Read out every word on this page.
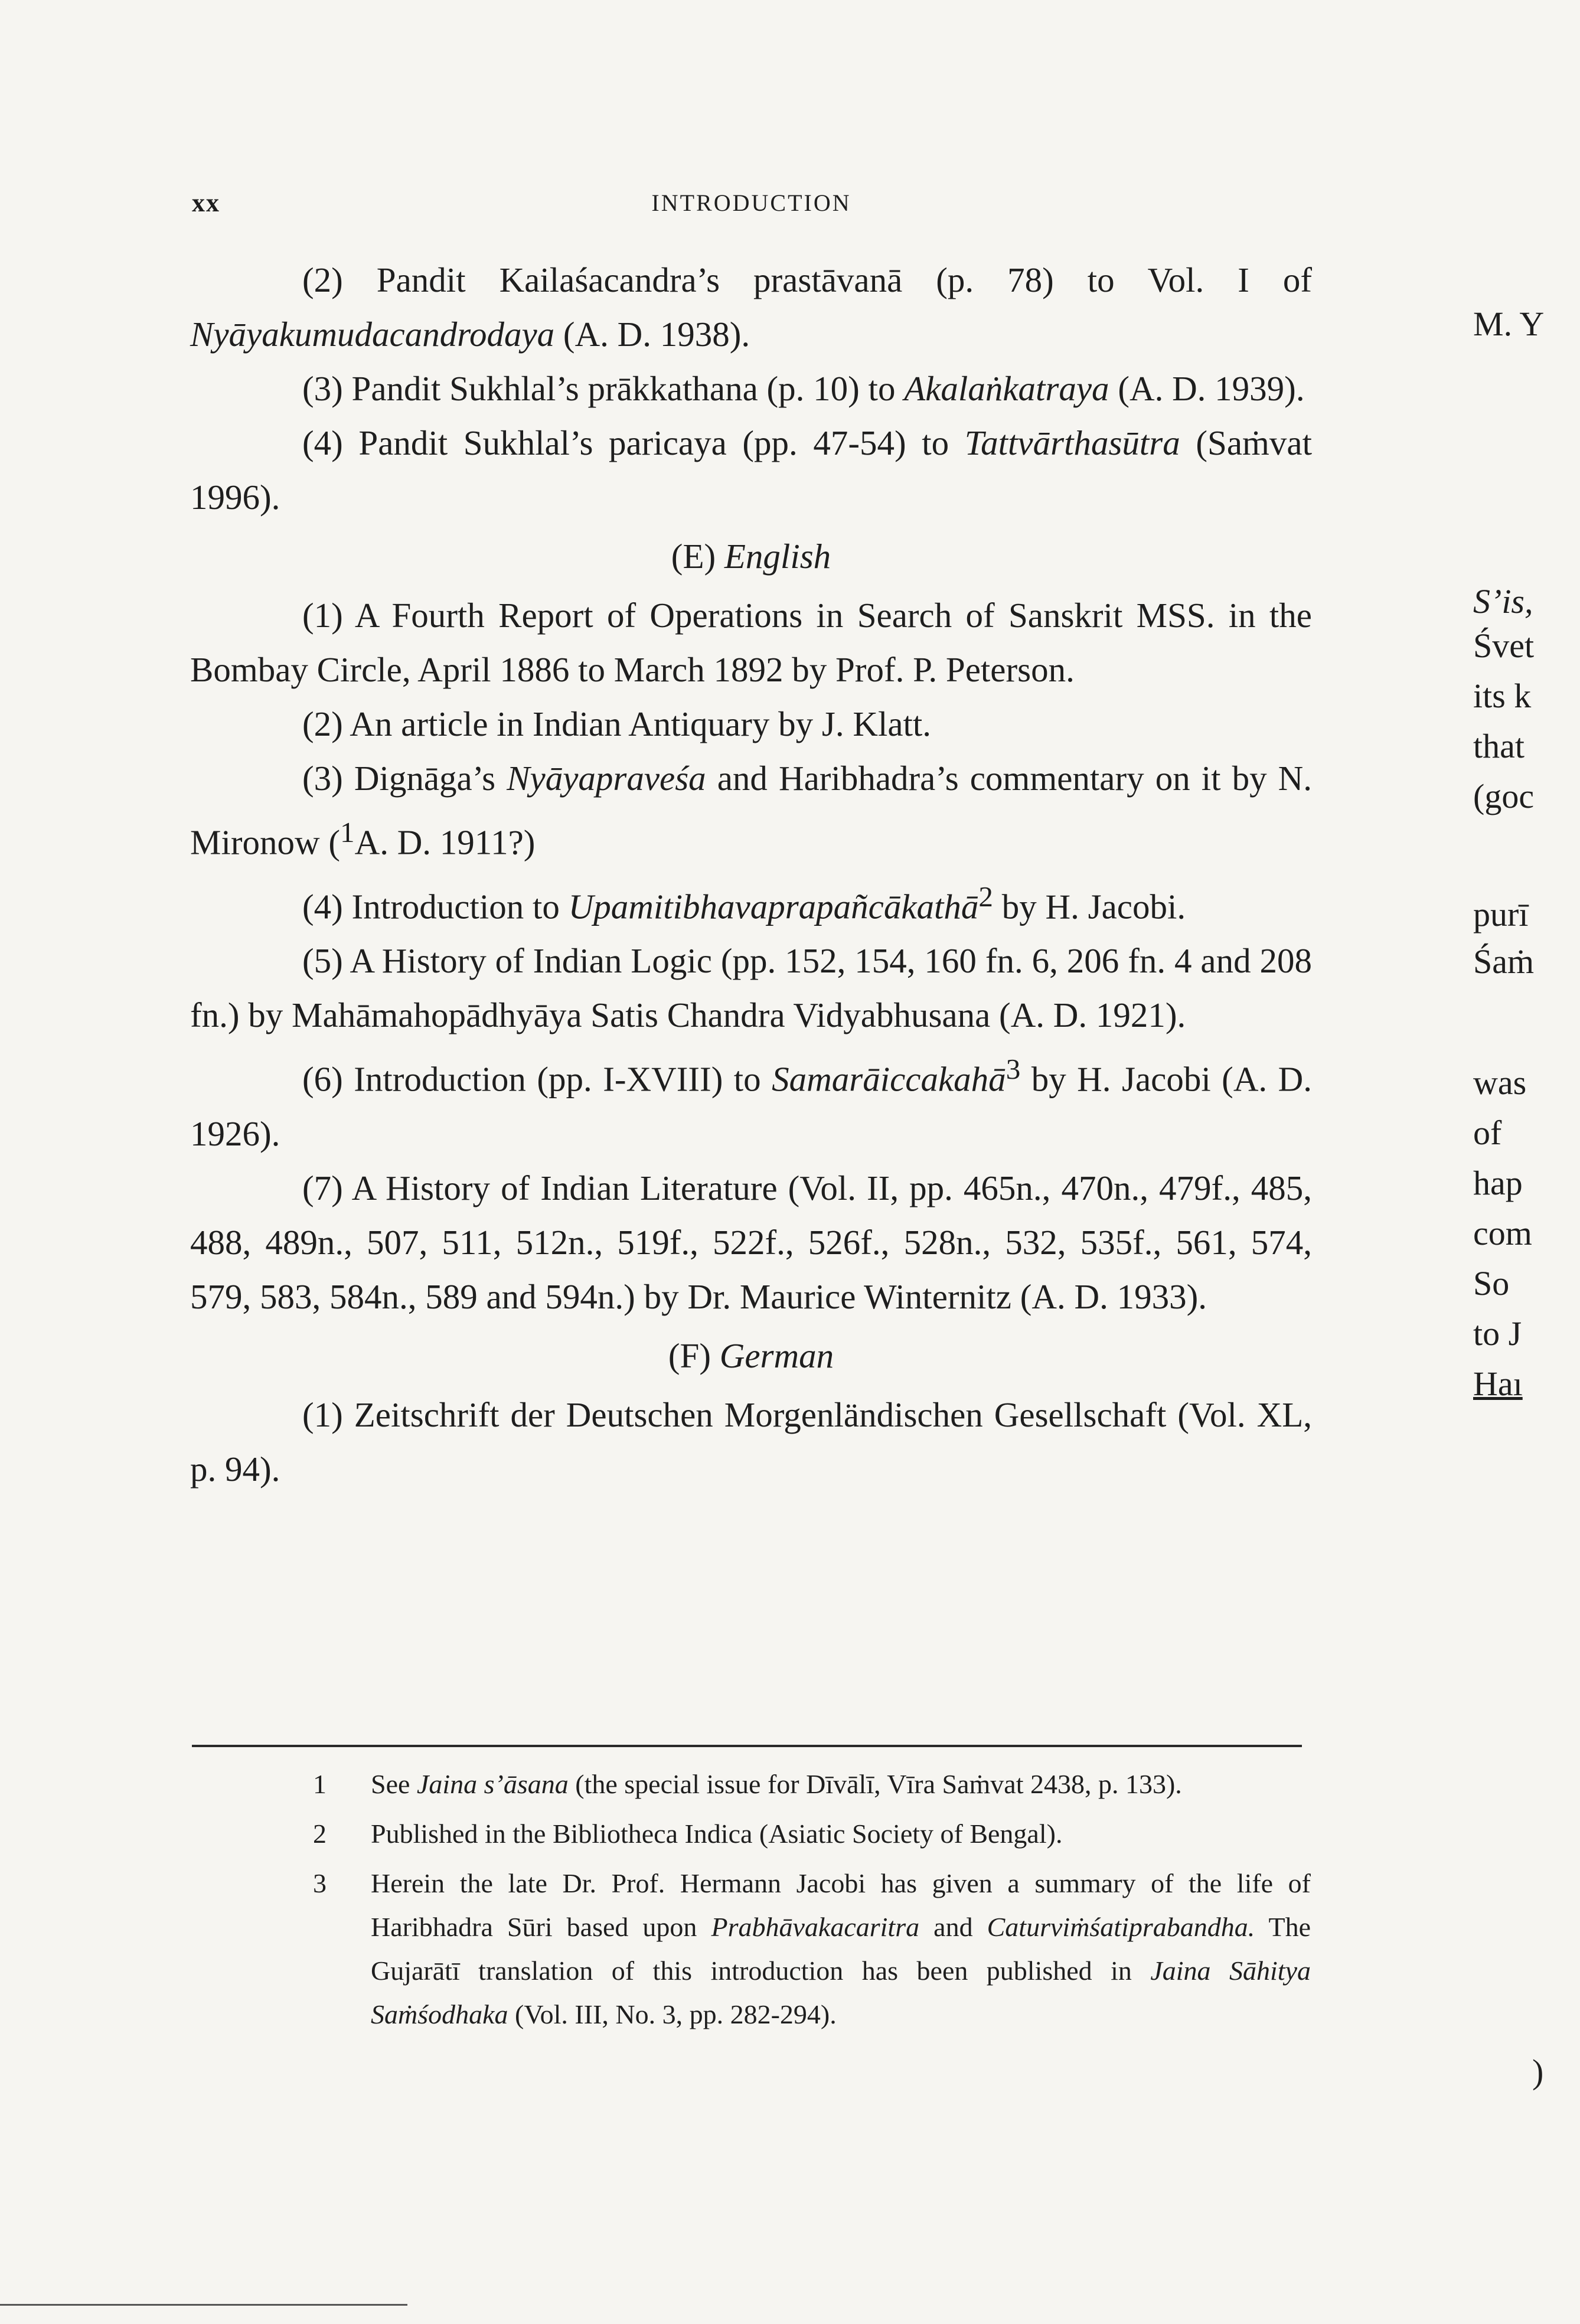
xx	INTRODUCTION

(2) Pandit Kailaśacandra’s prastāvanā (p. 78) to Vol. I of Nyāyakumudacandrodaya (A. D. 1938).

(3) Pandit Sukhlal’s prākkathana (p. 10) to Akalaṅkatraya (A. D. 1939).

(4) Pandit Sukhlal’s paricaya (pp. 47-54) to Tattvārthasūtra (Saṁvat 1996).

(E) English

(1) A Fourth Report of Operations in Search of Sanskrit MSS. in the Bombay Circle, April 1886 to March 1892 by Prof. P. Peterson.

(2) An article in Indian Antiquary by J. Klatt.

(3) Dignāga’s Nyāyapraveśa and Haribhadra’s commentary on it by N. Mironow ($^1$A. D. 1911?)

(4) Introduction to Upamitibhavaprapañcākathā$^2$ by H. Jacobi.

(5) A History of Indian Logic (pp. 152, 154, 160 fn. 6, 206 fn. 4 and 208 fn.) by Mahāmahopādhyāya Satis Chandra Vidyabhusana (A. D. 1921).

(6) Introduction (pp. I-XVIII) to Samarāiccakahā$^3$ by H. Jacobi (A. D. 1926).

(7) A History of Indian Literature (Vol. II, pp. 465n., 470n., 479f., 485, 488, 489n., 507, 511, 512n., 519f., 522f., 526f., 528n., 532, 535f., 561, 574, 579, 583, 584n., 589 and 594n.) by Dr. Maurice Winternitz (A. D. 1933).

(F) German

(1) Zeitschrift der Deutschen Morgenländischen Gesellschaft (Vol. XL, p. 94).

1 See Jaina s’āsana (the special issue for Dīvālī, Vīra Saṁvat 2438, p. 133).
2 Published in the Bibliotheca Indica (Asiatic Society of Bengal).
3 Herein the late Dr. Prof. Hermann Jacobi has given a summary of the life of Haribhadra Sūri based upon Prabhāvakacaritra and Caturviṁśatiprabandha. The Gujarātī translation of this introduction has been published in Jaina Sāhitya Saṁśodhaka (Vol. III, No. 3, pp. 282-294).
M. Y
S’is,
Śvet
its k
that
(goc
purī
Śaṁ
was
of
hap
com
So
to J
Haı
)
